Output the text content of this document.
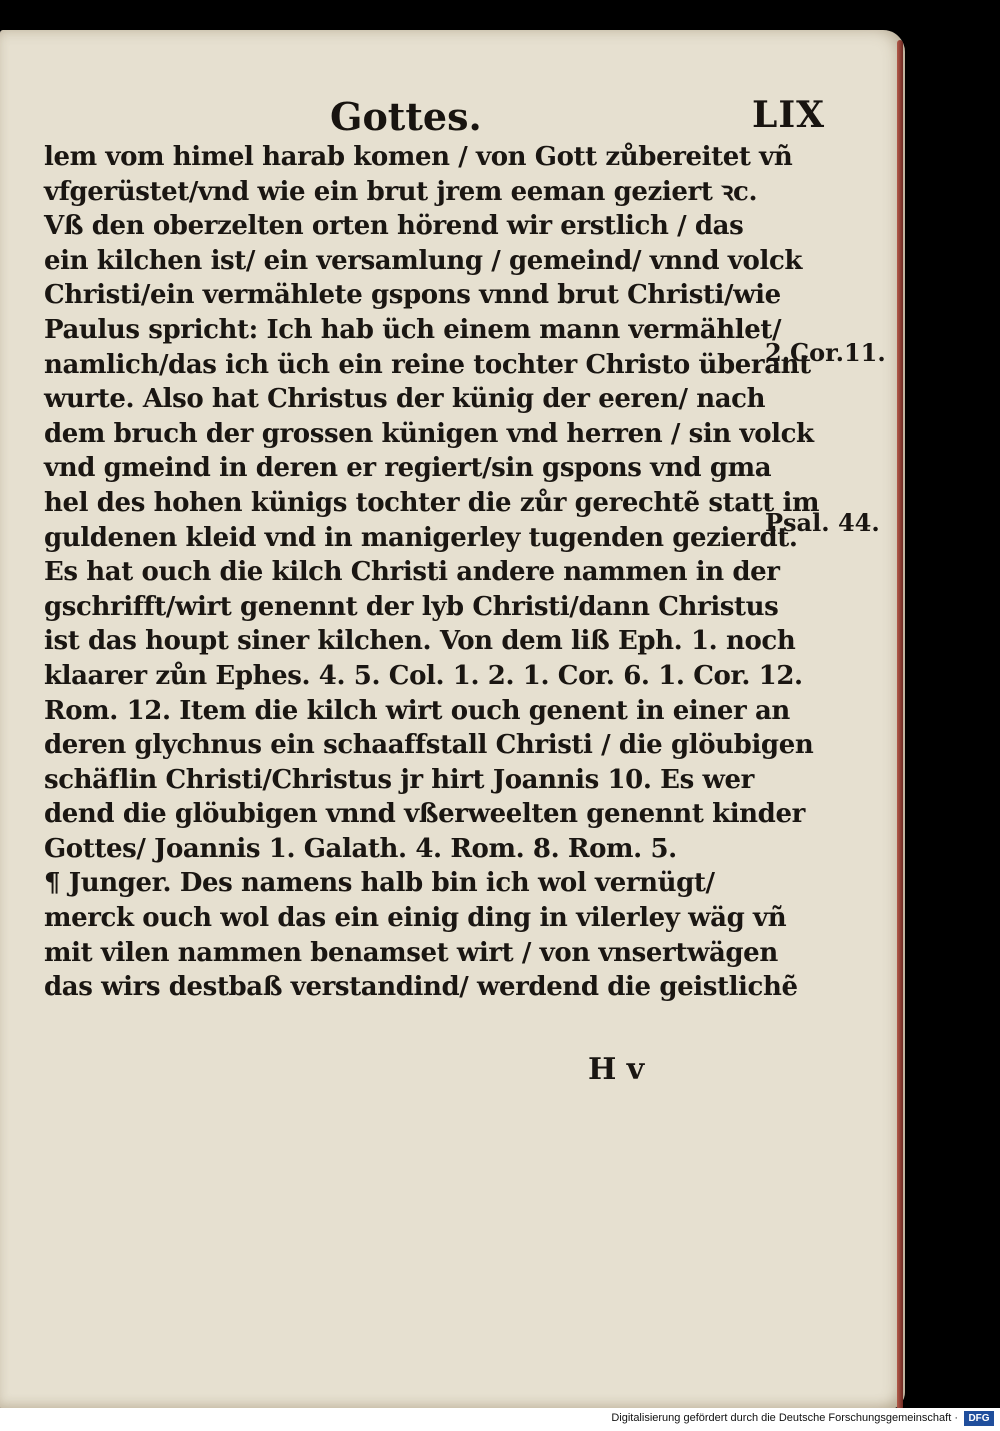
Gottes.	LIX
lem vom himel harab komen / von Gott zůbereitet vñ
vfgerüstet/vnd wie ein brut jrem eeman geziert ꝛc.
Vß den oberzelten orten hörend wir erstlich / das
ein kilchen ist/ ein versamlung / gemeind/ vnnd volck
Christi/ein vermählete gspons vnnd brut Christi/wie
Paulus spricht: Ich hab üch einem mann vermählet/
namlich/das ich üch ein reine tochter Christo überant
wurte. Also hat Christus der künig der eeren/ nach
dem bruch der grossen künigen vnd herren / sin volck
vnd gmeind in deren er regiert/sin gspons vnd gma
hel des hohen künigs tochter die zůr gerechtẽ statt im
guldenen kleid vnd in manigerley tugenden gezierdt.
Es hat ouch die kilch Christi andere nammen in der
gschrifft/wirt genennt der lyb Christi/dann Christus
ist das houpt siner kilchen. Von dem liß Eph. 1. noch
klaarer zůn Ephes. 4. 5. Col. 1. 2. 1. Cor. 6. 1. Cor. 12.
Rom. 12. Item die kilch wirt ouch genent in einer an
deren glychnus ein schaaffstall Christi / die glöubigen
schäflin Christi/Christus jr hirt Joannis 10. Es wer
dend die glöubigen vnnd vßerweelten genennt kinder
Gottes/ Joannis 1. Galath. 4. Rom. 8. Rom. 5.
¶ Junger. Des namens halb bin ich wol vernügt/
merck ouch wol das ein einig ding in vilerley wäg vñ
mit vilen nammen benamset wirt / von vnsertwägen
das wirs destbaß verstandind/ werdend die geistlichẽ
2.Cor.11.
Psal. 44.
H v
Digitalisierung gefördert durch die Deutsche Forschungsgemeinschaft ·	DFG
